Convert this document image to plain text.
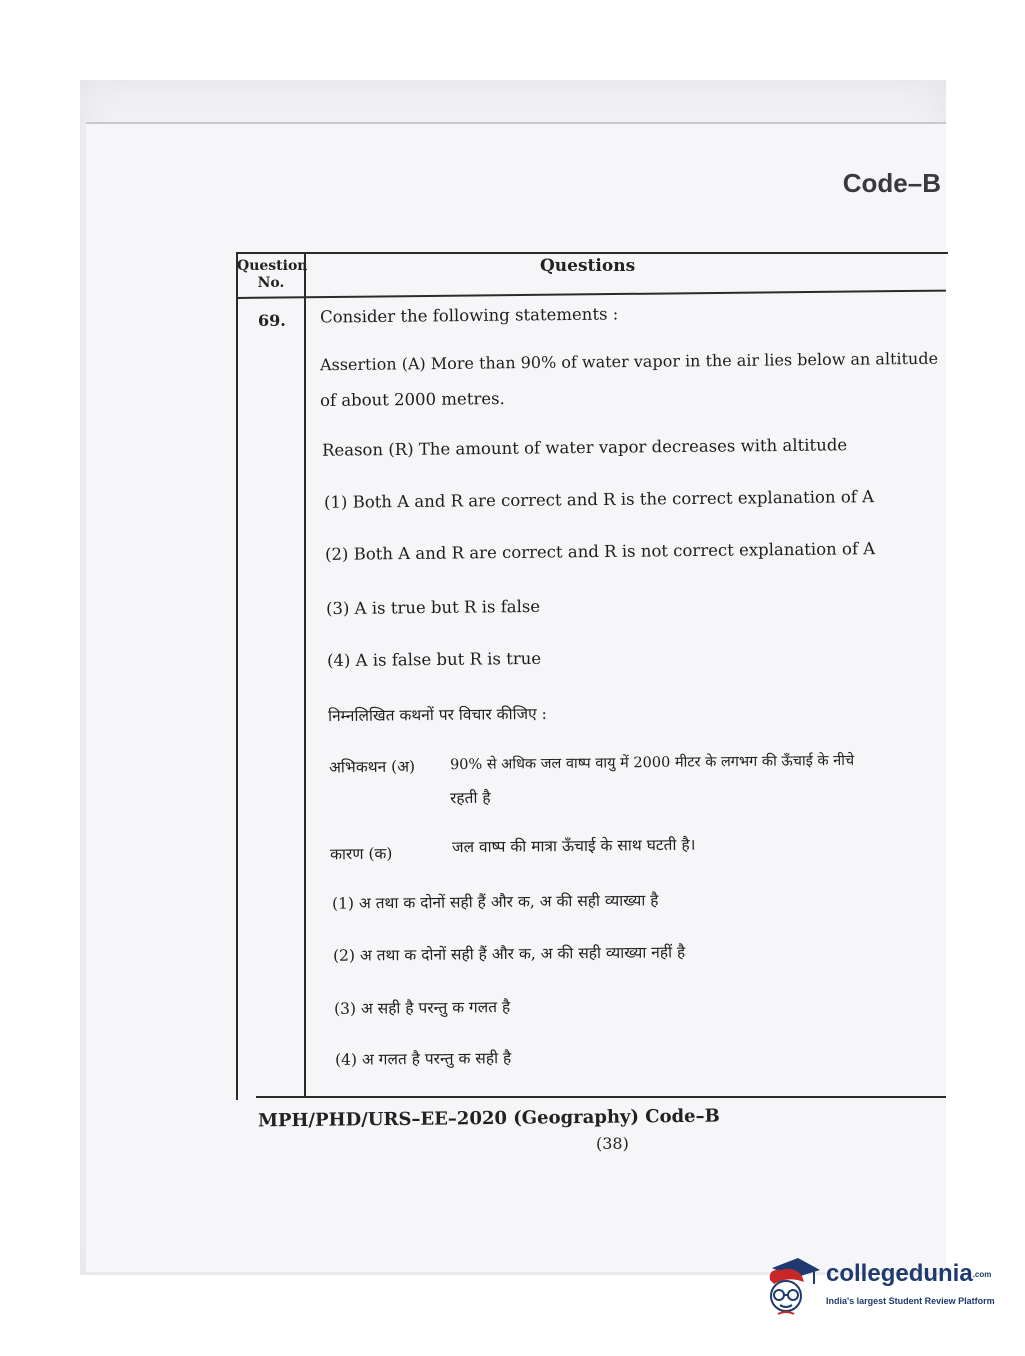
Code–B
Question No.
Questions
69. Consider the following statements :
Assertion (A) More than 90% of water vapor in the air lies below an altitude
of about 2000 metres.
Reason (R) The amount of water vapor decreases with altitude
(1) Both A and R are correct and R is the correct explanation of A
(2) Both A and R are correct and R is not correct explanation of A
(3) A is true but R is false
(4) A is false but R is true
निम्नलिखित कथनों पर विचार कीजिए :
अभिकथन (अ) 90% से अधिक जल वाष्प वायु में 2000 मीटर के लगभग की ऊँचाई के नीचे
रहती है
कारण (क)	जल वाष्प की मात्रा ऊँचाई के साथ घटती है।
(1) अ तथा क दोनों सही हैं और क, अ की सही व्याख्या है
(2) अ तथा क दोनों सही हैं और क, अ की सही व्याख्या नहीं है
(3) अ सही है परन्तु क गलत है
(4) अ गलत है परन्तु क सही है
MPH/PHD/URS–EE–2020 (Geography) Code–B
(38)
collegedunia.com
India's largest Student Review Platform
